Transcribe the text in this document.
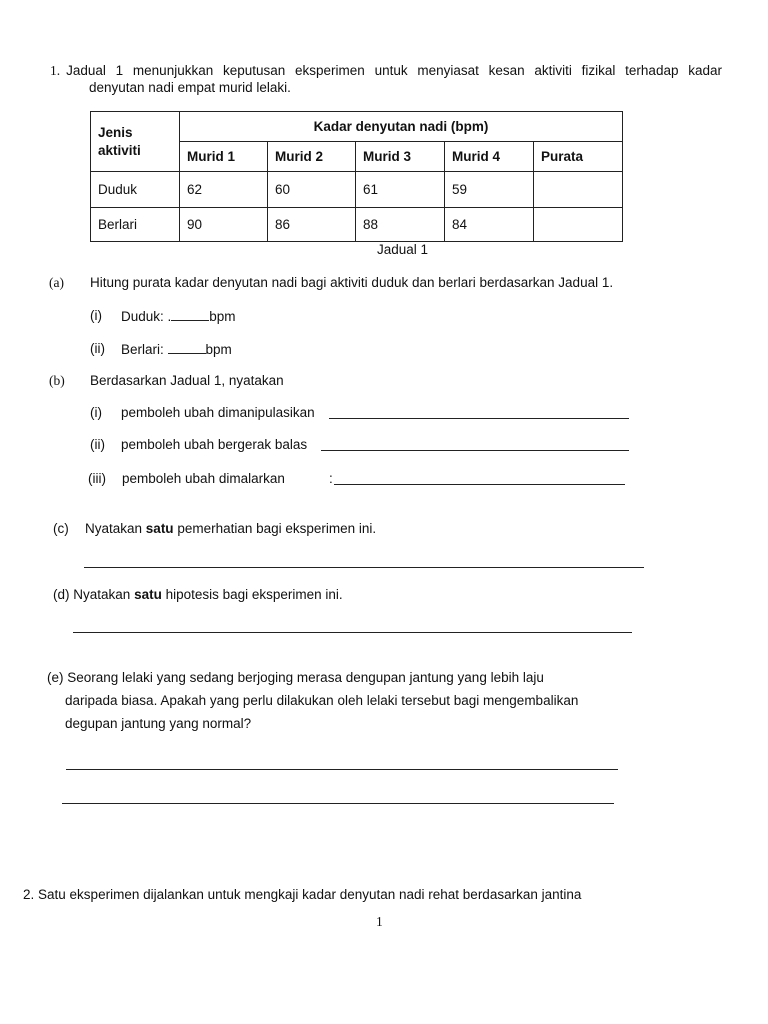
1. Jadual 1 menunjukkan keputusan eksperimen untuk menyiasat kesan aktiviti fizikal terhadap kadar
denyutan nadi empat murid lelaki.
Jenis aktiviti	Kadar denyutan nadi (bpm)				
	Murid 1	Murid 2	Murid 3	Murid 4	Purata
Duduk	62	60	61	59	
Berlari	90	86	88	84	
Jadual 1
(a) Hitung purata kadar denyutan nadi bagi aktiviti duduk dan berlari berdasarkan Jadual 1.
(i) Duduk: .	bpm
(ii) Berlari:	bpm
(b) Berdasarkan Jadual 1, nyatakan
(i) pemboleh ubah dimanipulasikan
(ii) pemboleh ubah bergerak balas
(iii) pemboleh ubah dimalarkan	:
(c) Nyatakan satu pemerhatian bagi eksperimen ini.
(d) Nyatakan satu hipotesis bagi eksperimen ini.
(e) Seorang lelaki yang sedang berjoging merasa dengupan jantung yang lebih laju
daripada biasa. Apakah yang perlu dilakukan oleh lelaki tersebut bagi mengembalikan
degupan jantung yang normal?
2. Satu eksperimen dijalankan untuk mengkaji kadar denyutan nadi rehat berdasarkan jantina
1
